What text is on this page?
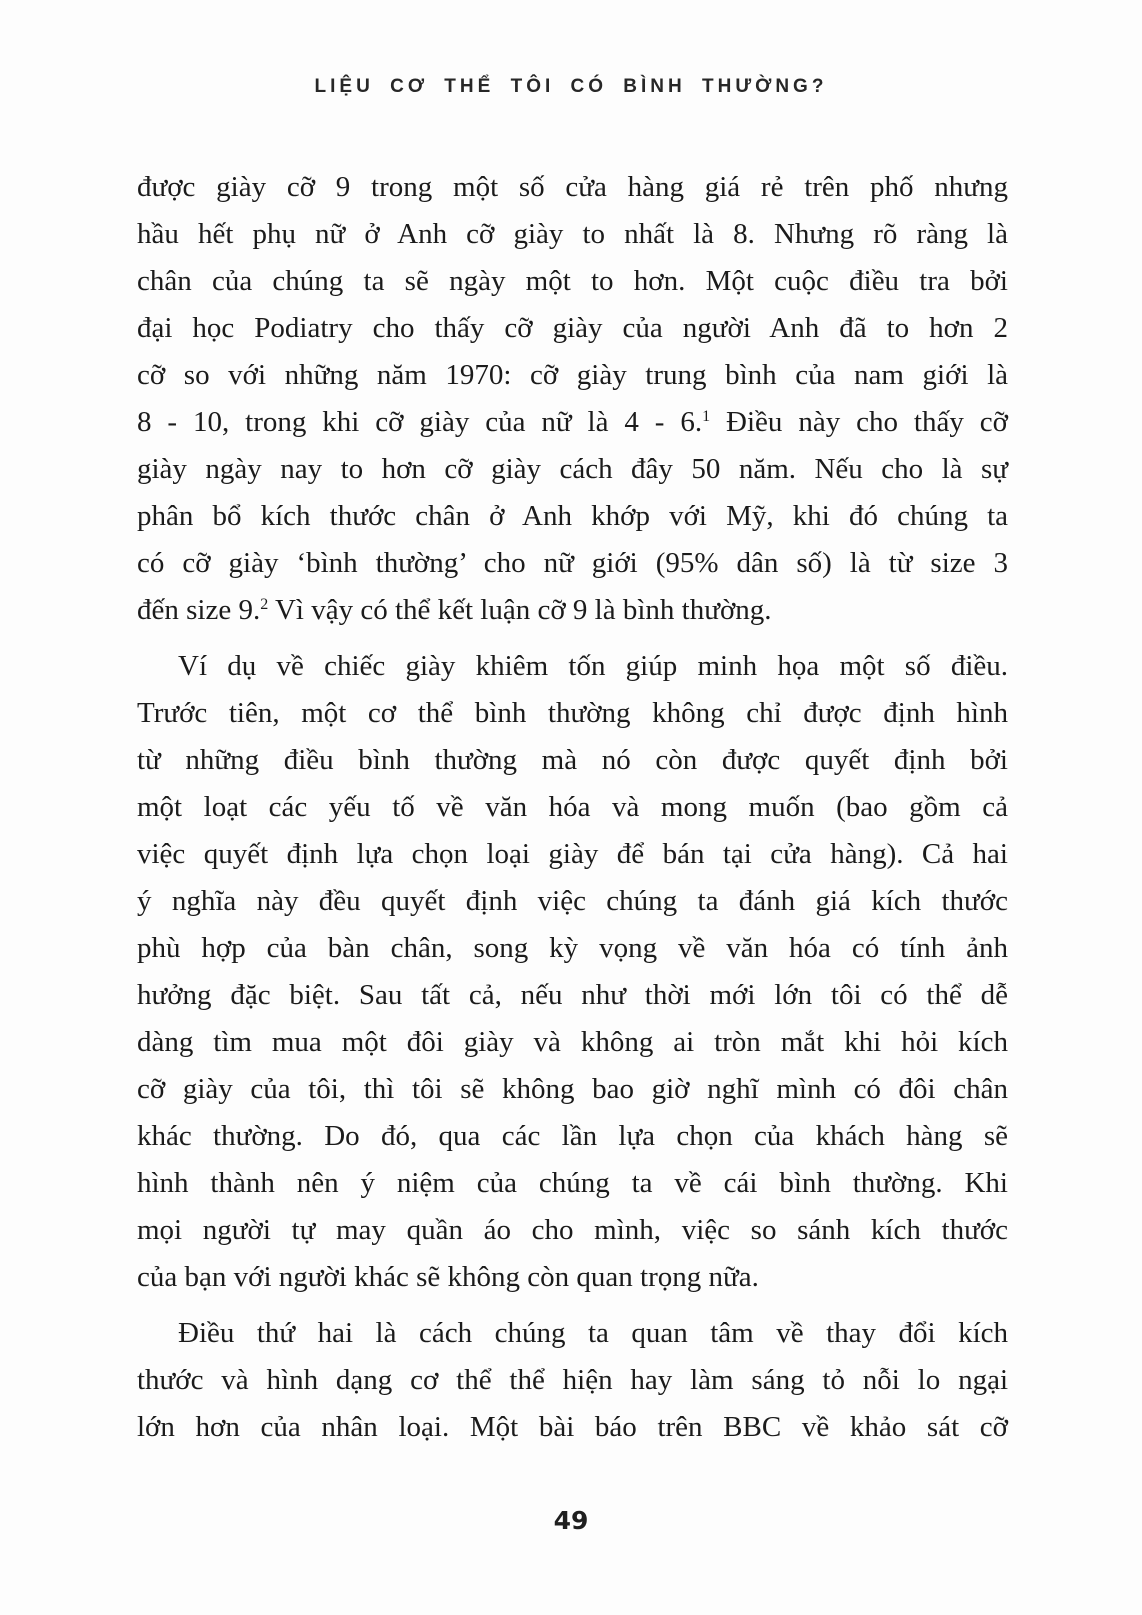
LIỆU CƠ THỂ TÔI CÓ BÌNH THƯỜNG?
được giày cỡ 9 trong một số cửa hàng giá rẻ trên phố nhưng
hầu hết phụ nữ ở Anh cỡ giày to nhất là 8. Nhưng rõ ràng là
chân của chúng ta sẽ ngày một to hơn. Một cuộc điều tra bởi
đại học Podiatry cho thấy cỡ giày của người Anh đã to hơn 2
cỡ so với những năm 1970: cỡ giày trung bình của nam giới là
8 - 10, trong khi cỡ giày của nữ là 4 - 6.$^1$ Điều này cho thấy cỡ
giày ngày nay to hơn cỡ giày cách đây 50 năm. Nếu cho là sự
phân bổ kích thước chân ở Anh khớp với Mỹ, khi đó chúng ta
có cỡ giày ‘bình thường’ cho nữ giới (95% dân số) là từ size 3
đến size 9.$^2$ Vì vậy có thể kết luận cỡ 9 là bình thường.
Ví dụ về chiếc giày khiêm tốn giúp minh họa một số điều.
Trước tiên, một cơ thể bình thường không chỉ được định hình
từ những điều bình thường mà nó còn được quyết định bởi
một loạt các yếu tố về văn hóa và mong muốn (bao gồm cả
việc quyết định lựa chọn loại giày để bán tại cửa hàng). Cả hai
ý nghĩa này đều quyết định việc chúng ta đánh giá kích thước
phù hợp của bàn chân, song kỳ vọng về văn hóa có tính ảnh
hưởng đặc biệt. Sau tất cả, nếu như thời mới lớn tôi có thể dễ
dàng tìm mua một đôi giày và không ai tròn mắt khi hỏi kích
cỡ giày của tôi, thì tôi sẽ không bao giờ nghĩ mình có đôi chân
khác thường. Do đó, qua các lần lựa chọn của khách hàng sẽ
hình thành nên ý niệm của chúng ta về cái bình thường. Khi
mọi người tự may quần áo cho mình, việc so sánh kích thước
của bạn với người khác sẽ không còn quan trọng nữa.
Điều thứ hai là cách chúng ta quan tâm về thay đổi kích
thước và hình dạng cơ thể thể hiện hay làm sáng tỏ nỗi lo ngại
lớn hơn của nhân loại. Một bài báo trên BBC về khảo sát cỡ
49
